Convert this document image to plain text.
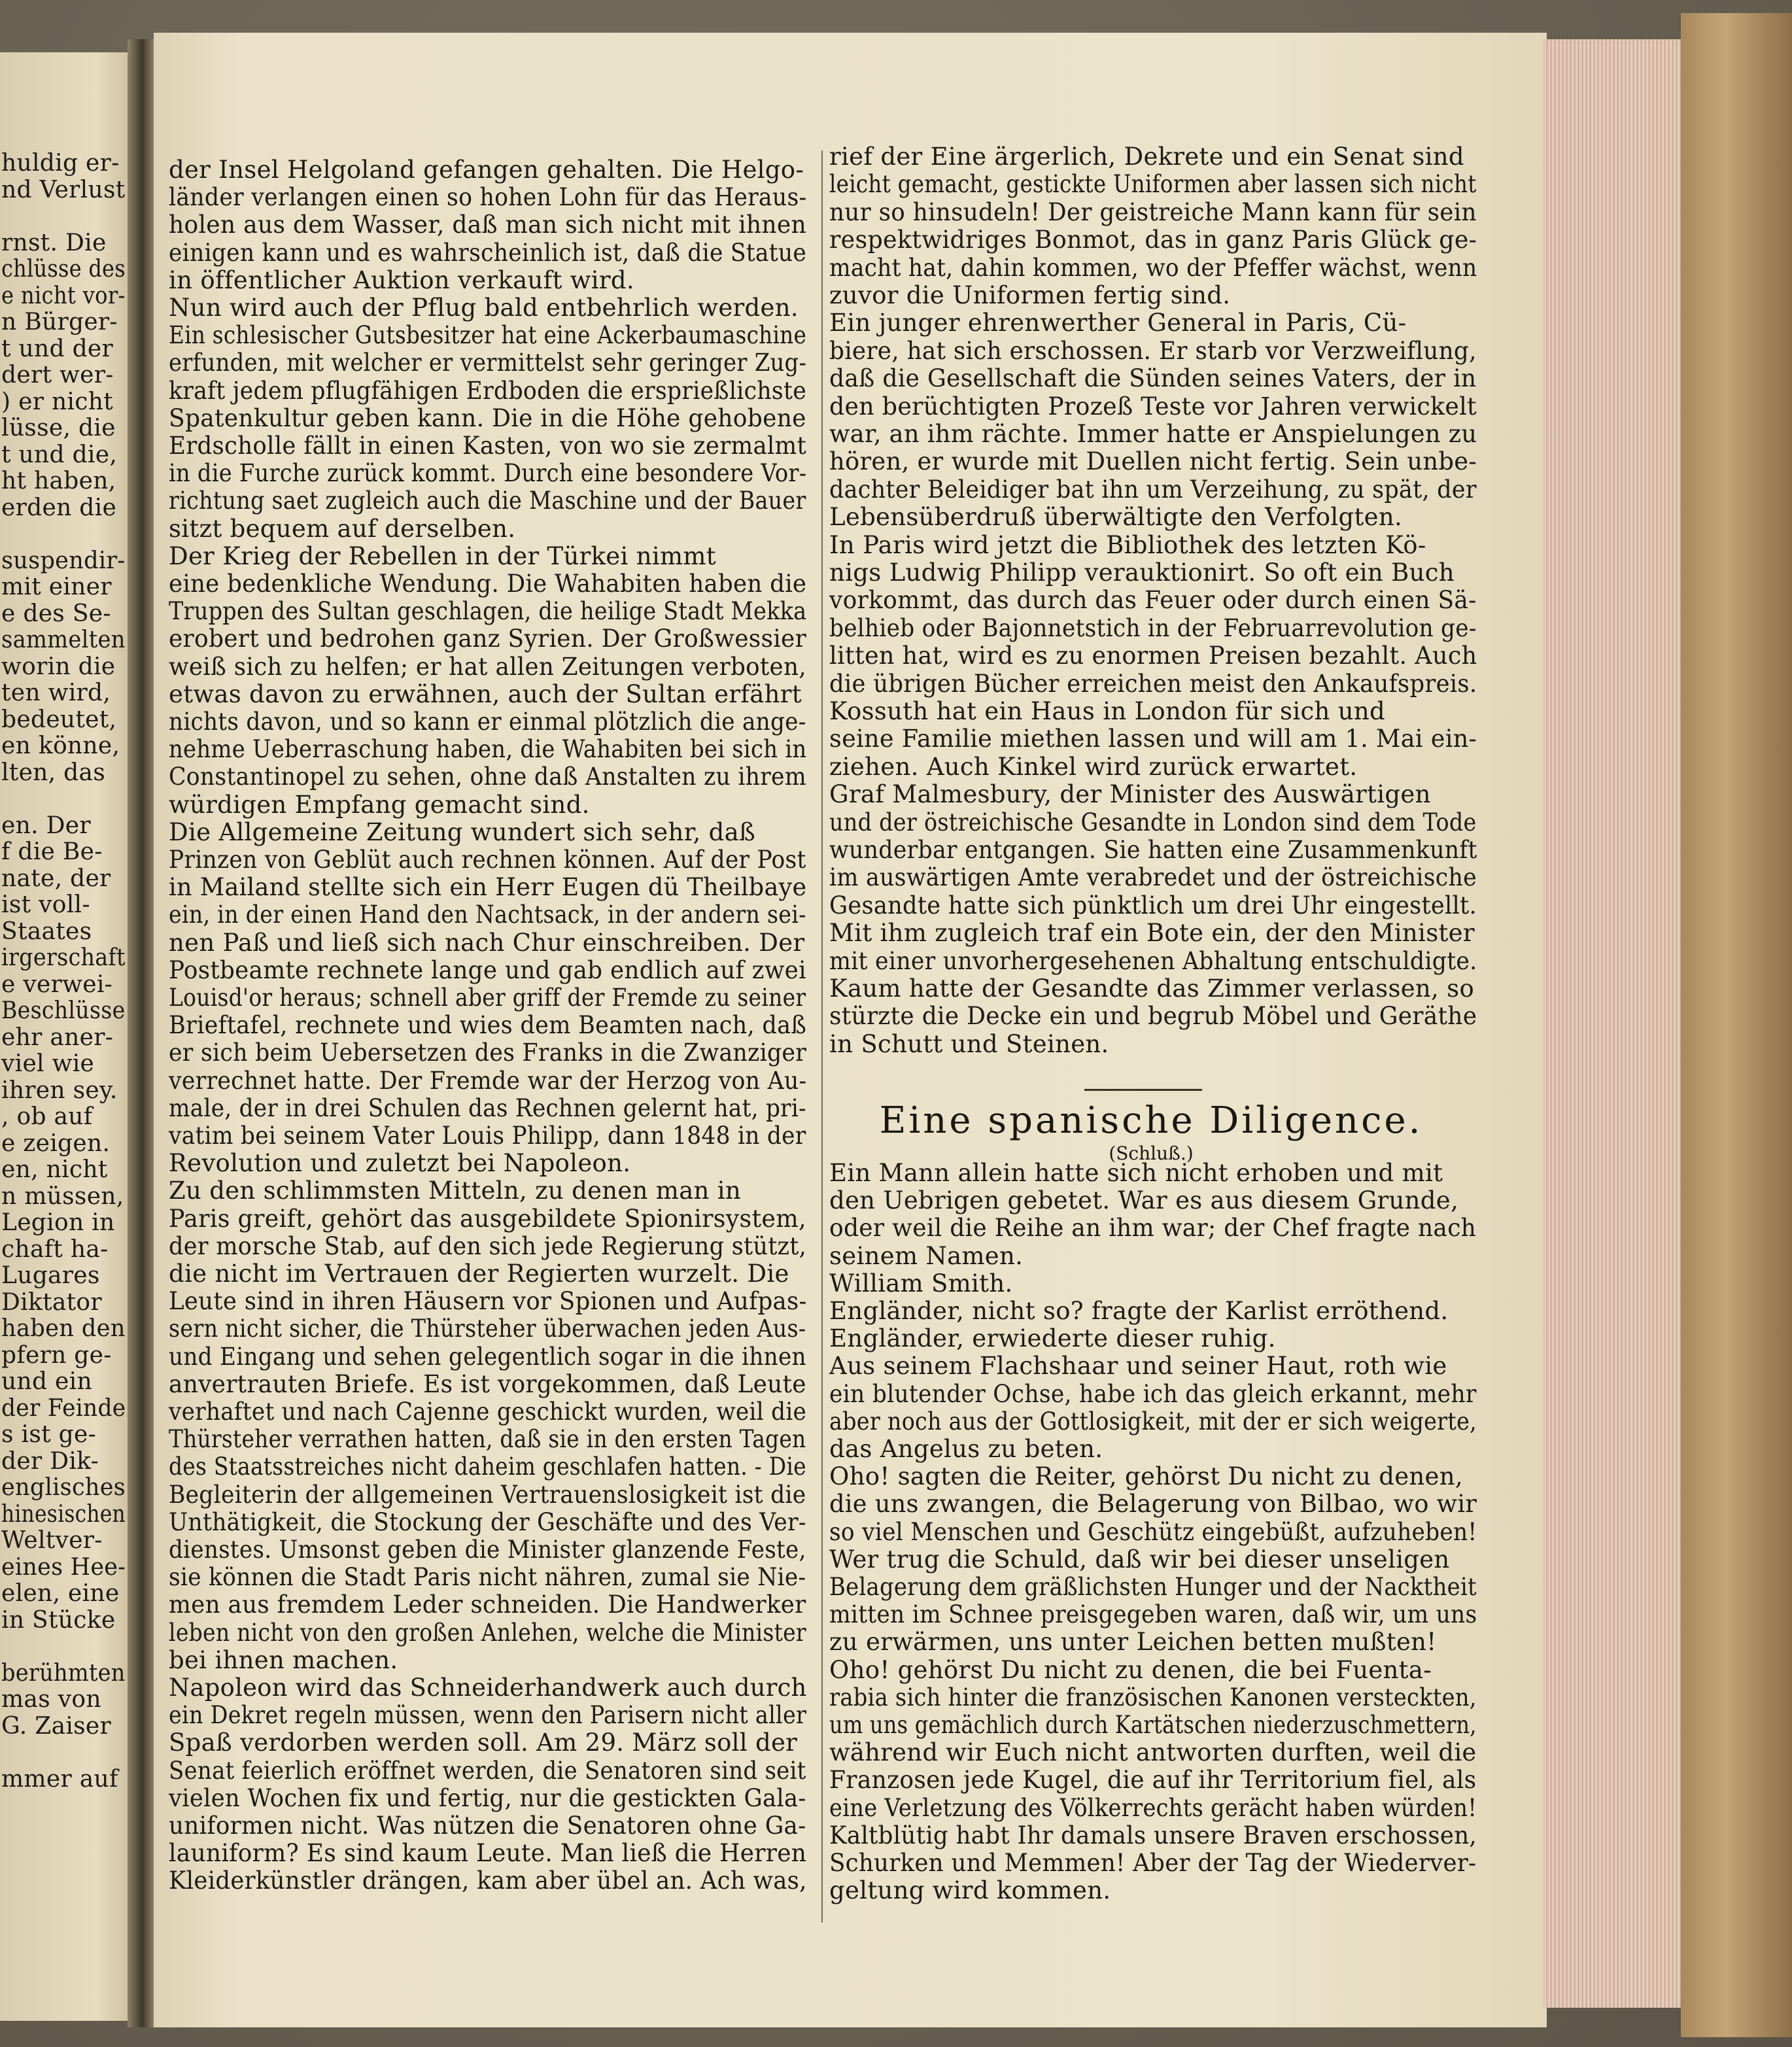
Eine spanische Diligence.
(Schluß.)
huldig er-
nd Verlust
rnst. Die
chlüsse des
e nicht vor-
n Bürger-
t und der
dert wer-
) er nicht
lüsse, die
t und die,
ht haben,
erden die
suspendir-
mit einer
e des Se-
sammelten
worin die
ten wird,
bedeutet,
en könne,
lten, das
en. Der
f die Be-
nate, der
ist voll-
Staates
irgerschaft
e verwei-
Beschlüsse
ehr aner-
viel wie
ihren sey.
, ob auf
e zeigen.
en, nicht
n müssen,
Legion in
chaft ha-
Lugares
Diktator
haben den
pfern ge-
und ein
der Feinde
s ist ge-
der Dik-
englisches
hinesischen
Weltver-
eines Hee-
elen, eine
in Stücke
berühmten
mas von
G. Zaiser
mmer auf
der Insel Helgoland gefangen gehalten. Die Helgo-
länder verlangen einen so hohen Lohn für das Heraus-
holen aus dem Wasser, daß man sich nicht mit ihnen
einigen kann und es wahrscheinlich ist, daß die Statue
in öffentlicher Auktion verkauft wird.
Nun wird auch der Pflug bald entbehrlich werden.
Ein schlesischer Gutsbesitzer hat eine Ackerbaumaschine
erfunden, mit welcher er vermittelst sehr geringer Zug-
kraft jedem pflugfähigen Erdboden die ersprießlichste
Spatenkultur geben kann. Die in die Höhe gehobene
Erdscholle fällt in einen Kasten, von wo sie zermalmt
in die Furche zurück kommt. Durch eine besondere Vor-
richtung saet zugleich auch die Maschine und der Bauer
sitzt bequem auf derselben.
Der Krieg der Rebellen in der Türkei nimmt
eine bedenkliche Wendung. Die Wahabiten haben die
Truppen des Sultan geschlagen, die heilige Stadt Mekka
erobert und bedrohen ganz Syrien. Der Großwessier
weiß sich zu helfen; er hat allen Zeitungen verboten,
etwas davon zu erwähnen, auch der Sultan erfährt
nichts davon, und so kann er einmal plötzlich die ange-
nehme Ueberraschung haben, die Wahabiten bei sich in
Constantinopel zu sehen, ohne daß Anstalten zu ihrem
würdigen Empfang gemacht sind.
Die Allgemeine Zeitung wundert sich sehr, daß
Prinzen von Geblüt auch rechnen können. Auf der Post
in Mailand stellte sich ein Herr Eugen dü Theilbaye
ein, in der einen Hand den Nachtsack, in der andern sei-
nen Paß und ließ sich nach Chur einschreiben. Der
Postbeamte rechnete lange und gab endlich auf zwei
Louisd'or heraus; schnell aber griff der Fremde zu seiner
Brieftafel, rechnete und wies dem Beamten nach, daß
er sich beim Uebersetzen des Franks in die Zwanziger
verrechnet hatte. Der Fremde war der Herzog von Au-
male, der in drei Schulen das Rechnen gelernt hat, pri-
vatim bei seinem Vater Louis Philipp, dann 1848 in der
Revolution und zuletzt bei Napoleon.
Zu den schlimmsten Mitteln, zu denen man in
Paris greift, gehört das ausgebildete Spionirsystem,
der morsche Stab, auf den sich jede Regierung stützt,
die nicht im Vertrauen der Regierten wurzelt. Die
Leute sind in ihren Häusern vor Spionen und Aufpas-
sern nicht sicher, die Thürsteher überwachen jeden Aus-
und Eingang und sehen gelegentlich sogar in die ihnen
anvertrauten Briefe. Es ist vorgekommen, daß Leute
verhaftet und nach Cajenne geschickt wurden, weil die
Thürsteher verrathen hatten, daß sie in den ersten Tagen
des Staatsstreiches nicht daheim geschlafen hatten. - Die
Begleiterin der allgemeinen Vertrauenslosigkeit ist die
Unthätigkeit, die Stockung der Geschäfte und des Ver-
dienstes. Umsonst geben die Minister glanzende Feste,
sie können die Stadt Paris nicht nähren, zumal sie Nie-
men aus fremdem Leder schneiden. Die Handwerker
leben nicht von den großen Anlehen, welche die Minister
bei ihnen machen.
Napoleon wird das Schneiderhandwerk auch durch
ein Dekret regeln müssen, wenn den Parisern nicht aller
Spaß verdorben werden soll. Am 29. März soll der
Senat feierlich eröffnet werden, die Senatoren sind seit
vielen Wochen fix und fertig, nur die gestickten Gala-
uniformen nicht. Was nützen die Senatoren ohne Ga-
launiform? Es sind kaum Leute. Man ließ die Herren
Kleiderkünstler drängen, kam aber übel an. Ach was,
rief der Eine ärgerlich, Dekrete und ein Senat sind
leicht gemacht, gestickte Uniformen aber lassen sich nicht
nur so hinsudeln! Der geistreiche Mann kann für sein
respektwidriges Bonmot, das in ganz Paris Glück ge-
macht hat, dahin kommen, wo der Pfeffer wächst, wenn
zuvor die Uniformen fertig sind.
Ein junger ehrenwerther General in Paris, Cü-
biere, hat sich erschossen. Er starb vor Verzweiflung,
daß die Gesellschaft die Sünden seines Vaters, der in
den berüchtigten Prozeß Teste vor Jahren verwickelt
war, an ihm rächte. Immer hatte er Anspielungen zu
hören, er wurde mit Duellen nicht fertig. Sein unbe-
dachter Beleidiger bat ihn um Verzeihung, zu spät, der
Lebensüberdruß überwältigte den Verfolgten.
In Paris wird jetzt die Bibliothek des letzten Kö-
nigs Ludwig Philipp verauktionirt. So oft ein Buch
vorkommt, das durch das Feuer oder durch einen Sä-
belhieb oder Bajonnetstich in der Februarrevolution ge-
litten hat, wird es zu enormen Preisen bezahlt. Auch
die übrigen Bücher erreichen meist den Ankaufspreis.
Kossuth hat ein Haus in London für sich und
seine Familie miethen lassen und will am 1. Mai ein-
ziehen. Auch Kinkel wird zurück erwartet.
Graf Malmesbury, der Minister des Auswärtigen
und der östreichische Gesandte in London sind dem Tode
wunderbar entgangen. Sie hatten eine Zusammenkunft
im auswärtigen Amte verabredet und der östreichische
Gesandte hatte sich pünktlich um drei Uhr eingestellt.
Mit ihm zugleich traf ein Bote ein, der den Minister
mit einer unvorhergesehenen Abhaltung entschuldigte.
Kaum hatte der Gesandte das Zimmer verlassen, so
stürzte die Decke ein und begrub Möbel und Geräthe
in Schutt und Steinen.
Ein Mann allein hatte sich nicht erhoben und mit
den Uebrigen gebetet. War es aus diesem Grunde,
oder weil die Reihe an ihm war; der Chef fragte nach
seinem Namen.
William Smith.
Engländer, nicht so? fragte der Karlist erröthend.
Engländer, erwiederte dieser ruhig.
Aus seinem Flachshaar und seiner Haut, roth wie
ein blutender Ochse, habe ich das gleich erkannt, mehr
aber noch aus der Gottlosigkeit, mit der er sich weigerte,
das Angelus zu beten.
Oho! sagten die Reiter, gehörst Du nicht zu denen,
die uns zwangen, die Belagerung von Bilbao, wo wir
so viel Menschen und Geschütz eingebüßt, aufzuheben!
Wer trug die Schuld, daß wir bei dieser unseligen
Belagerung dem gräßlichsten Hunger und der Nacktheit
mitten im Schnee preisgegeben waren, daß wir, um uns
zu erwärmen, uns unter Leichen betten mußten!
Oho! gehörst Du nicht zu denen, die bei Fuenta-
rabia sich hinter die französischen Kanonen versteckten,
um uns gemächlich durch Kartätschen niederzuschmettern,
während wir Euch nicht antworten durften, weil die
Franzosen jede Kugel, die auf ihr Territorium fiel, als
eine Verletzung des Völkerrechts gerächt haben würden!
Kaltblütig habt Ihr damals unsere Braven erschossen,
Schurken und Memmen! Aber der Tag der Wiederver-
geltung wird kommen.
